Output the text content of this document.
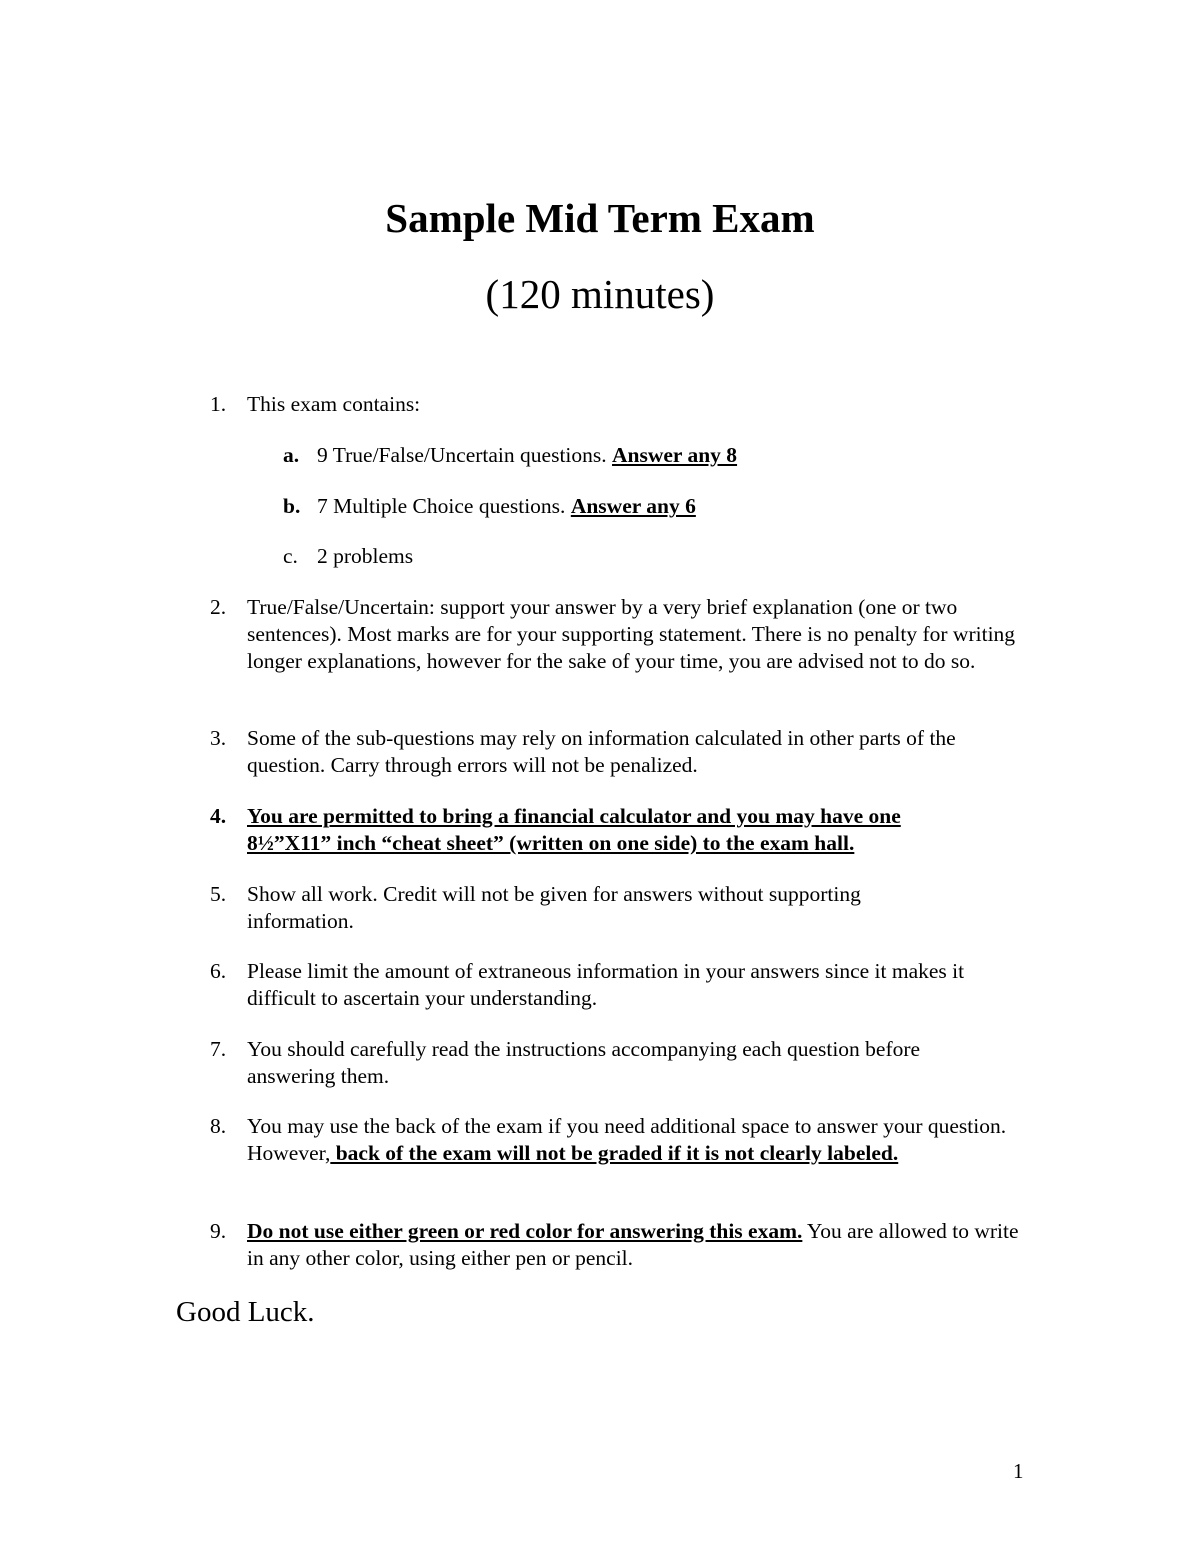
Sample Mid Term Exam
(120 minutes)
1. This exam contains:
a. 9 True/False/Uncertain questions. Answer any 8
b. 7 Multiple Choice questions. Answer any 6
c. 2 problems
2. True/False/Uncertain: support your answer by a very brief explanation (one or two sentences). Most marks are for your supporting statement. There is no penalty for writing longer explanations, however for the sake of your time, you are advised not to do so.
3. Some of the sub-questions may rely on information calculated in other parts of the question. Carry through errors will not be penalized.
4. You are permitted to bring a financial calculator and you may have one 8½”X11” inch “cheat sheet” (written on one side) to the exam hall.
5. Show all work. Credit will not be given for answers without supporting information.
6. Please limit the amount of extraneous information in your answers since it makes it difficult to ascertain your understanding.
7. You should carefully read the instructions accompanying each question before answering them.
8. You may use the back of the exam if you need additional space to answer your question. However, back of the exam will not be graded if it is not clearly labeled.
9. Do not use either green or red color for answering this exam. You are allowed to write in any other color, using either pen or pencil.
Good Luck.
1
